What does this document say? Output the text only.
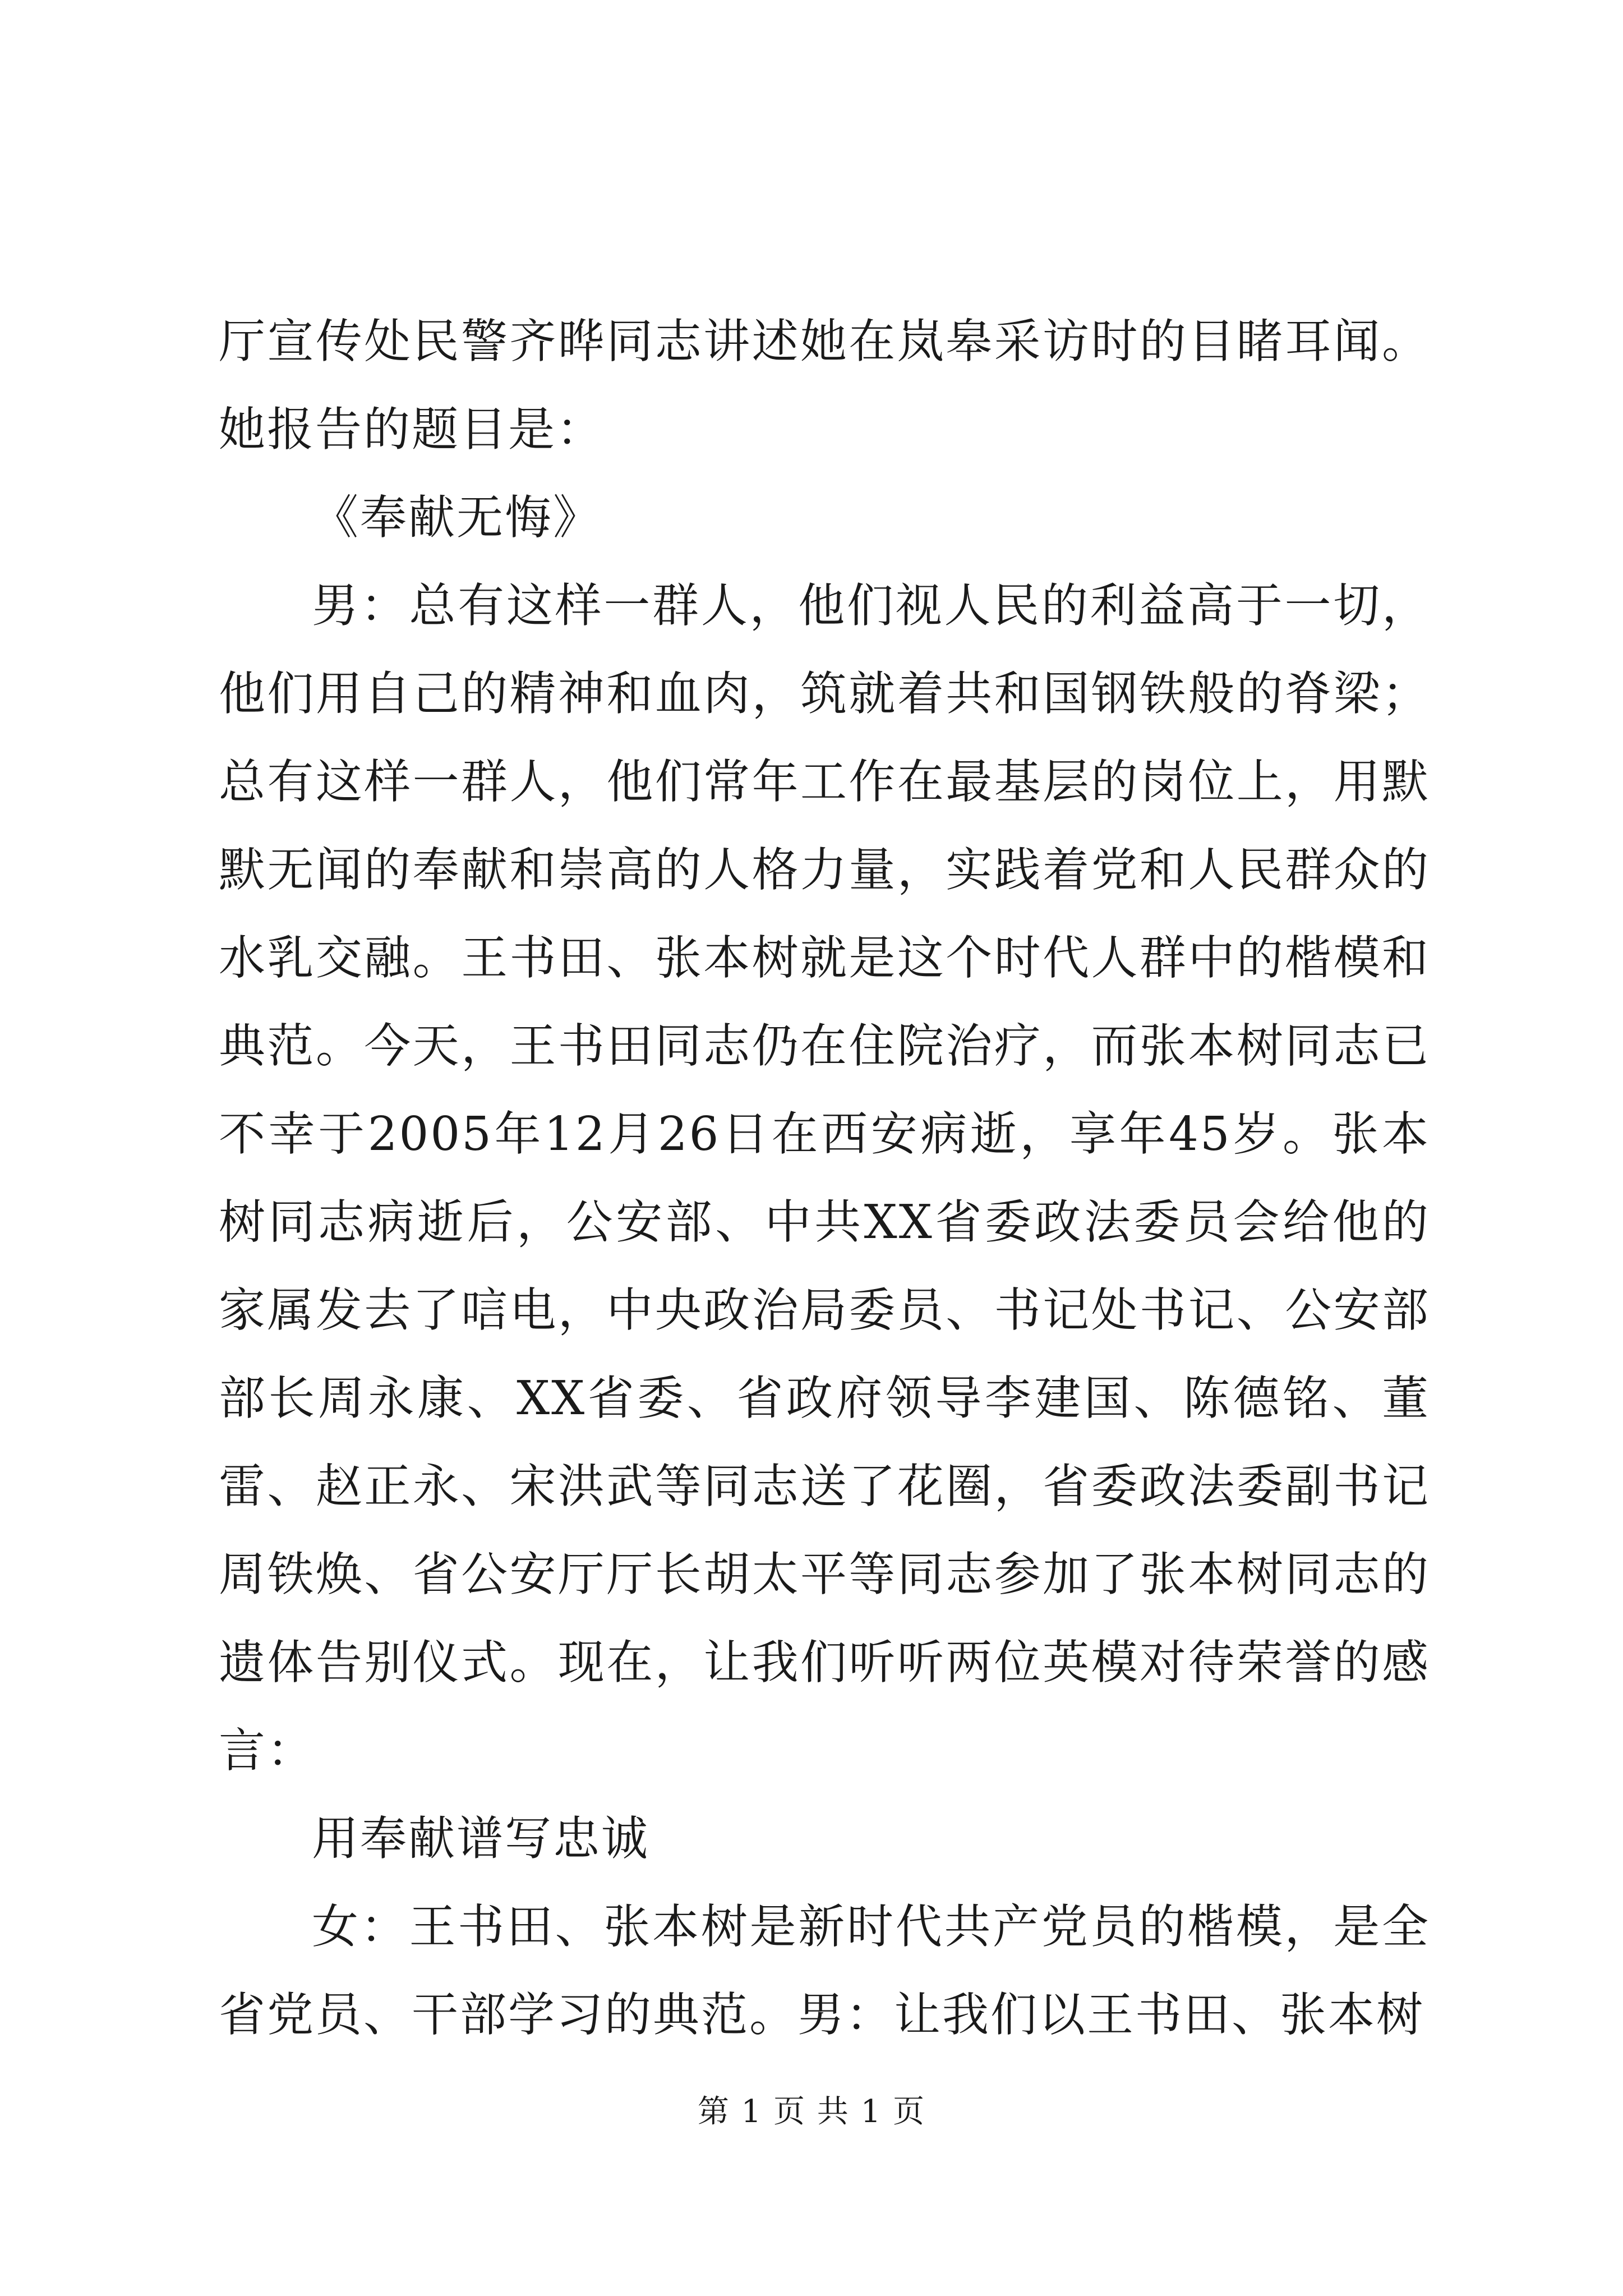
厅宣传处民警齐晔同志讲述她在岚皋采访时的目睹耳闻。她报告的题目是：

《奉献无悔》

男：总有这样一群人，他们视人民的利益高于一切，他们用自己的精神和血肉，筑就着共和国钢铁般的脊梁；总有这样一群人，他们常年工作在最基层的岗位上，用默默无闻的奉献和崇高的人格力量，实践着党和人民群众的水乳交融。王书田、张本树就是这个时代人群中的楷模和典范。今天，王书田同志仍在住院治疗，而张本树同志已不幸于2005年12月26日在西安病逝，享年45岁。张本树同志病逝后，公安部、中共XX省委政法委员会给他的家属发去了唁电，中央政治局委员、书记处书记、公安部部长周永康、XX省委、省政府领导李建国、陈德铭、董雷、赵正永、宋洪武等同志送了花圈，省委政法委副书记周铁焕、省公安厅厅长胡太平等同志参加了张本树同志的遗体告别仪式。现在，让我们听听两位英模对待荣誉的感言：

用奉献谱写忠诚

女：王书田、张本树是新时代共产党员的楷模，是全省党员、干部学习的典范。男：让我们以王书田、张本树

第 1 页 共 1 页
